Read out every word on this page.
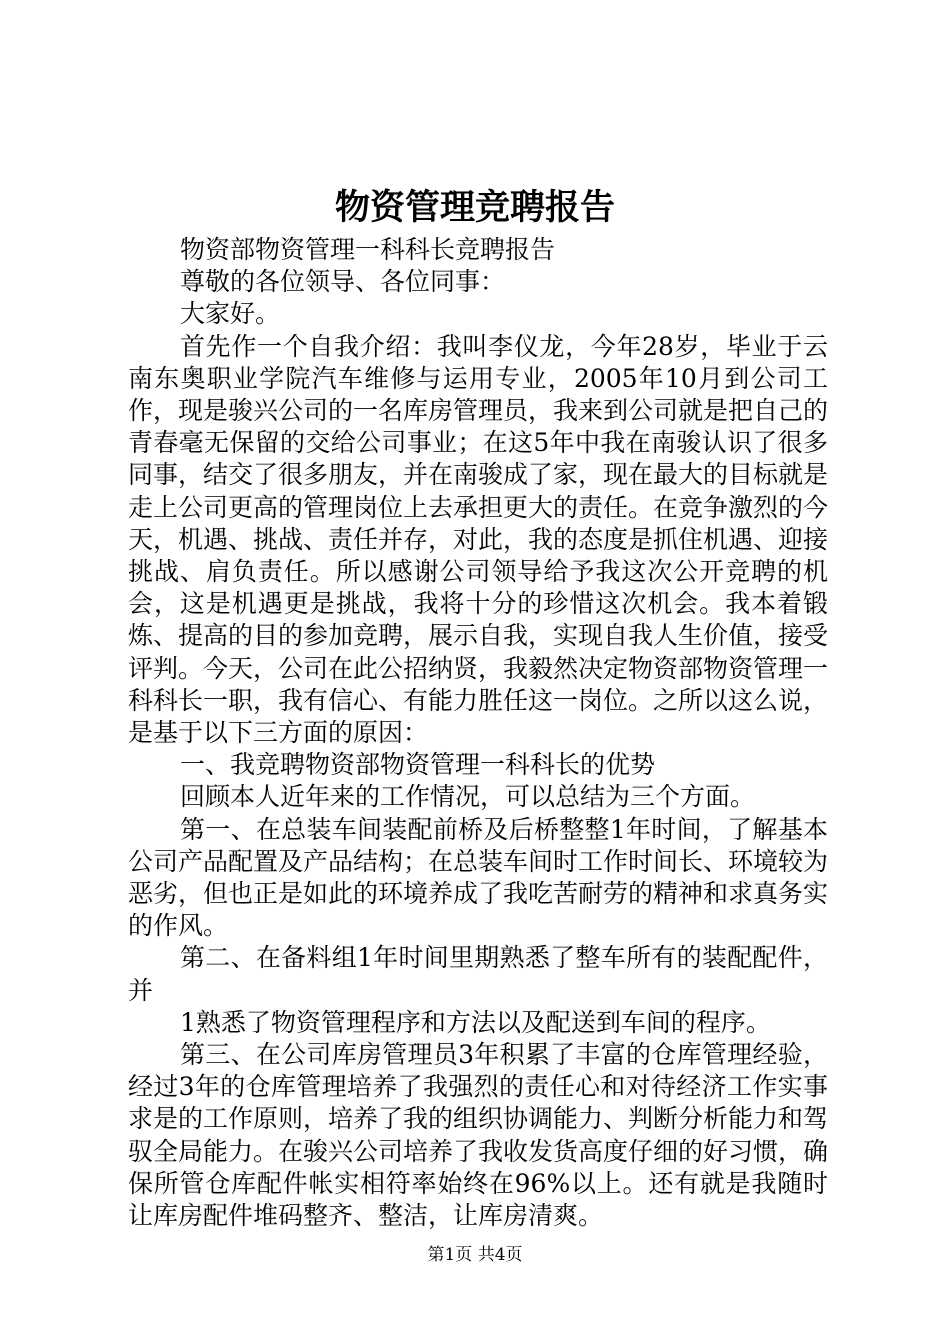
物资管理竞聘报告

物资部物资管理一科科长竞聘报告

尊敬的各位领导、各位同事：

大家好。

首先作一个自我介绍：我叫李仪龙，今年28岁，毕业于云南东奥职业学院汽车维修与运用专业，2005年10月到公司工作，现是骏兴公司的一名库房管理员，我来到公司就是把自己的青春毫无保留的交给公司事业；在这5年中我在南骏认识了很多同事，结交了很多朋友，并在南骏成了家，现在最大的目标就是走上公司更高的管理岗位上去承担更大的责任。在竞争激烈的今天，机遇、挑战、责任并存，对此，我的态度是抓住机遇、迎接挑战、肩负责任。所以感谢公司领导给予我这次公开竞聘的机会，这是机遇更是挑战，我将十分的珍惜这次机会。我本着锻炼、提高的目的参加竞聘，展示自我，实现自我人生价值，接受评判。今天，公司在此公招纳贤，我毅然决定物资部物资管理一科科长一职，我有信心、有能力胜任这一岗位。之所以这么说，是基于以下三方面的原因：

一、我竞聘物资部物资管理一科科长的优势

回顾本人近年来的工作情况，可以总结为三个方面。

第一、在总装车间装配前桥及后桥整整1年时间，了解基本公司产品配置及产品结构；在总装车间时工作时间长、环境较为恶劣，但也正是如此的环境养成了我吃苦耐劳的精神和求真务实的作风。

第二、在备料组1年时间里期熟悉了整车所有的装配配件，并

1熟悉了物资管理程序和方法以及配送到车间的程序。

第三、在公司库房管理员3年积累了丰富的仓库管理经验，经过3年的仓库管理培养了我强烈的责任心和对待经济工作实事求是的工作原则，培养了我的组织协调能力、判断分析能力和驾驭全局能力。在骏兴公司培养了我收发货高度仔细的好习惯，确保所管仓库配件帐实相符率始终在96%以上。还有就是我随时让库房配件堆码整齐、整洁，让库房清爽。

第1页 共4页
